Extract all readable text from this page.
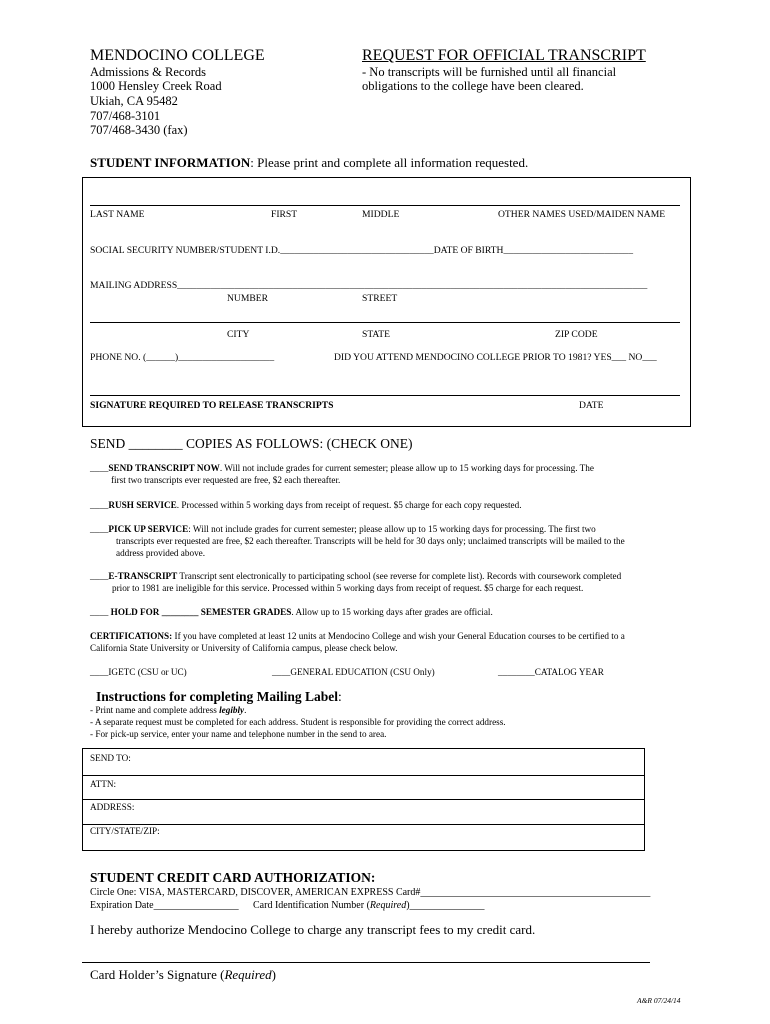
MENDOCINO COLLEGE
Admissions & Records
1000 Hensley Creek Road
Ukiah, CA 95482
707/468-3101
707/468-3430 (fax)
REQUEST FOR OFFICIAL TRANSCRIPT
- No transcripts will be furnished until all financial
obligations to the college have been cleared.
STUDENT INFORMATION: Please print and complete all information requested.
LAST NAME	FIRST	MIDDLE	OTHER NAMES USED/MAIDEN NAME
SOCIAL SECURITY NUMBER/STUDENT I.D.________________________________DATE OF BIRTH___________________________
MAILING ADDRESS__________________________________________________________________________________________________
NUMBER	STREET
CITY	STATE	ZIP CODE
PHONE NO. (______)____________________	DID YOU ATTEND MENDOCINO COLLEGE PRIOR TO 1981? YES___ NO___
SIGNATURE REQUIRED TO RELEASE TRANSCRIPTS	DATE
SEND ________ COPIES AS FOLLOWS: (CHECK ONE)
____SEND TRANSCRIPT NOW. Will not include grades for current semester; please allow up to 15 working days for processing. The
first two transcripts ever requested are free, $2 each thereafter.
____RUSH SERVICE. Processed within 5 working days from receipt of request. $5 charge for each copy requested.
____PICK UP SERVICE: Will not include grades for current semester; please allow up to 15 working days for processing. The first two
transcripts ever requested are free, $2 each thereafter. Transcripts will be held for 30 days only; unclaimed transcripts will be mailed to the
address provided above.
____E-TRANSCRIPT Transcript sent electronically to participating school (see reverse for complete list). Records with coursework completed
prior to 1981 are ineligible for this service. Processed within 5 working days from receipt of request. $5 charge for each request.
____ HOLD FOR ________ SEMESTER GRADES. Allow up to 15 working days after grades are official.
CERTIFICATIONS: If you have completed at least 12 units at Mendocino College and wish your General Education courses to be certified to a
California State University or University of California campus, please check below.
____IGETC (CSU or UC)	____GENERAL EDUCATION (CSU Only)	________CATALOG YEAR
Instructions for completing Mailing Label:
- Print name and complete address legibly.
- A separate request must be completed for each address. Student is responsible for providing the correct address.
- For pick-up service, enter your name and telephone number in the send to area.
SEND TO:
ATTN:
ADDRESS:
CITY/STATE/ZIP:
STUDENT CREDIT CARD AUTHORIZATION:
Circle One: VISA, MASTERCARD, DISCOVER, AMERICAN EXPRESS Card#______________________________________________
Expiration Date_________________ Card Identification Number (Required)_______________
I hereby authorize Mendocino College to charge any transcript fees to my credit card.
Card Holder’s Signature (Required)
A&R 07/24/14
